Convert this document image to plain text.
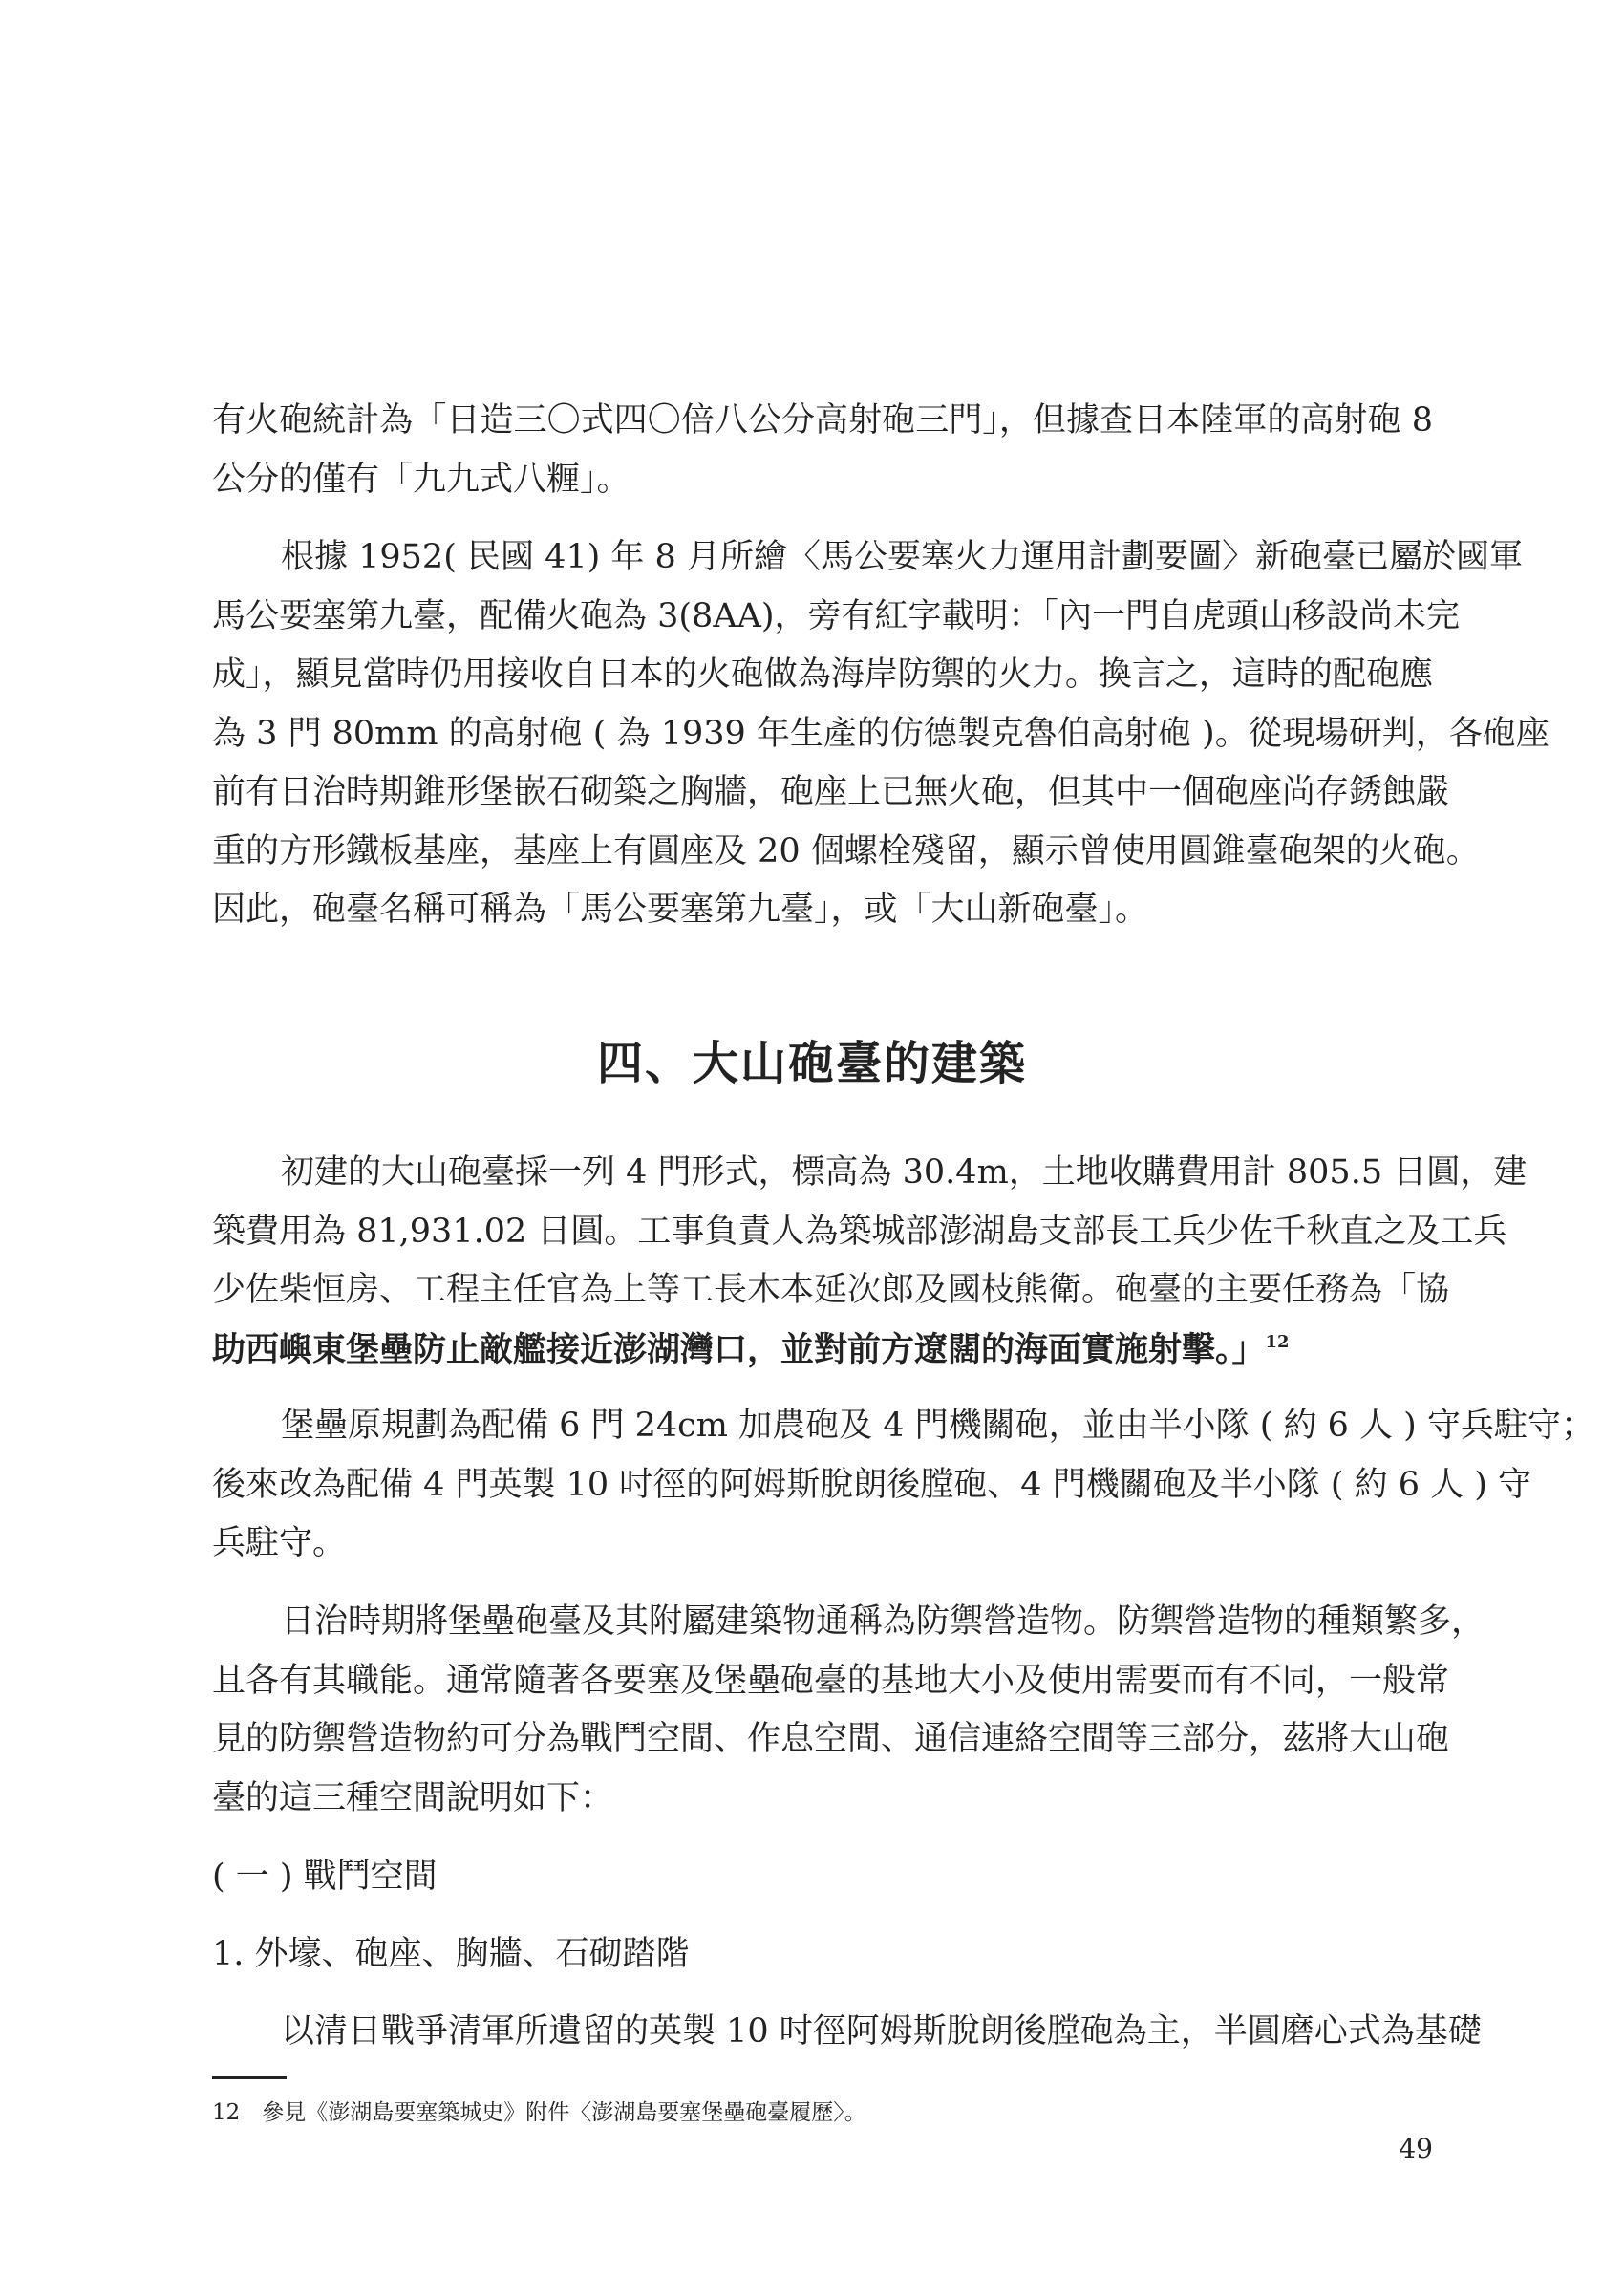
有火砲統計為「日造三〇式四〇倍八公分高射砲三門」，但據查日本陸軍的高射砲 8
公分的僅有「九九式八糎」。
根據 1952( 民國 41) 年 8 月所繪〈馬公要塞火力運用計劃要圖〉新砲臺已屬於國軍
馬公要塞第九臺，配備火砲為 3(8AA)，旁有紅字載明：「內一門自虎頭山移設尚未完
成」，顯見當時仍用接收自日本的火砲做為海岸防禦的火力。換言之，這時的配砲應
為 3 門 80mm 的高射砲 ( 為 1939 年生產的仿德製克魯伯高射砲 )。從現場研判，各砲座
前有日治時期錐形堡嵌石砌築之胸牆，砲座上已無火砲，但其中一個砲座尚存銹蝕嚴
重的方形鐵板基座，基座上有圓座及 20 個螺栓殘留，顯示曾使用圓錐臺砲架的火砲。
因此，砲臺名稱可稱為「馬公要塞第九臺」，或「大山新砲臺」。
四、大山砲臺的建築
初建的大山砲臺採一列 4 門形式，標高為 30.4m，土地收購費用計 805.5 日圓，建
築費用為 81,931.02 日圓。工事負責人為築城部澎湖島支部長工兵少佐千秋直之及工兵
少佐柴恒房、工程主任官為上等工長木本延次郎及國枝熊衛。砲臺的主要任務為「協
助西嶼東堡壘防止敵艦接近澎湖灣口，並對前方遼闊的海面實施射擊。」$^{12}$
堡壘原規劃為配備 6 門 24cm 加農砲及 4 門機關砲，並由半小隊 ( 約 6 人 ) 守兵駐守；
後來改為配備 4 門英製 10 吋徑的阿姆斯脫朗後膛砲、4 門機關砲及半小隊 ( 約 6 人 ) 守
兵駐守。
日治時期將堡壘砲臺及其附屬建築物通稱為防禦營造物。防禦營造物的種類繁多，
且各有其職能。通常隨著各要塞及堡壘砲臺的基地大小及使用需要而有不同，一般常
見的防禦營造物約可分為戰鬥空間、作息空間、通信連絡空間等三部分，茲將大山砲
臺的這三種空間說明如下：
( 一 ) 戰鬥空間
1. 外壕、砲座、胸牆、石砌踏階
以清日戰爭清軍所遺留的英製 10 吋徑阿姆斯脫朗後膛砲為主，半圓磨心式為基礎
12　參見《澎湖島要塞築城史》附件〈澎湖島要塞堡壘砲臺履歷〉。
49
